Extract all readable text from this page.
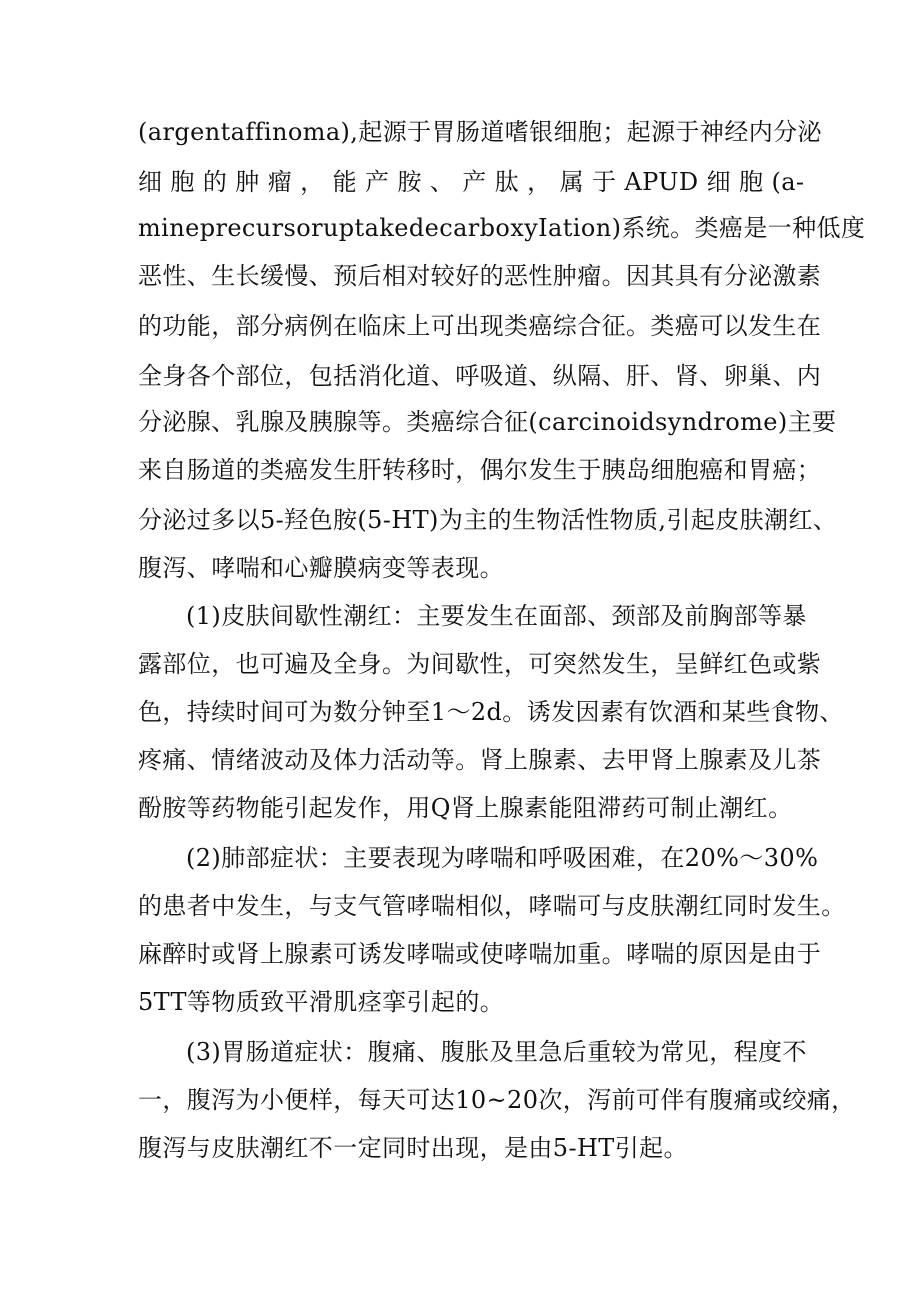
(argentaffinoma),起源于胃肠道嗜银细胞；起源于神经内分泌
细 胞 的 肿 瘤 ， 能 产 胺 、 产 肽 ， 属 于 APUD 细 胞 (a-
mineprecursoruptakedecarboxyIation)系统。类癌是一种低度
恶性、生长缓慢、预后相对较好的恶性肿瘤。因其具有分泌激素
的功能，部分病例在临床上可出现类癌综合征。类癌可以发生在
全身各个部位，包括消化道、呼吸道、纵隔、肝、肾、卵巢、内
分泌腺、乳腺及胰腺等。类癌综合征(carcinoidsyndrome)主要
来自肠道的类癌发生肝转移时，偶尔发生于胰岛细胞癌和胃癌；
分泌过多以5-羟色胺(5-HT)为主的生物活性物质,引起皮肤潮红、
腹泻、哮喘和心瓣膜病变等表现。
(1)皮肤间歇性潮红：主要发生在面部、颈部及前胸部等暴
露部位，也可遍及全身。为间歇性，可突然发生，呈鲜红色或紫
色，持续时间可为数分钟至1～2d。诱发因素有饮酒和某些食物、
疼痛、情绪波动及体力活动等。肾上腺素、去甲肾上腺素及儿茶
酚胺等药物能引起发作，用Q肾上腺素能阻滞药可制止潮红。
(2)肺部症状：主要表现为哮喘和呼吸困难，在20%～30%
的患者中发生，与支气管哮喘相似，哮喘可与皮肤潮红同时发生。
麻醉时或肾上腺素可诱发哮喘或使哮喘加重。哮喘的原因是由于
5TT等物质致平滑肌痉挛引起的。
(3)胃肠道症状：腹痛、腹胀及里急后重较为常见，程度不
一，腹泻为小便样，每天可达10~20次，泻前可伴有腹痛或绞痛，
腹泻与皮肤潮红不一定同时出现，是由5-HT引起。
